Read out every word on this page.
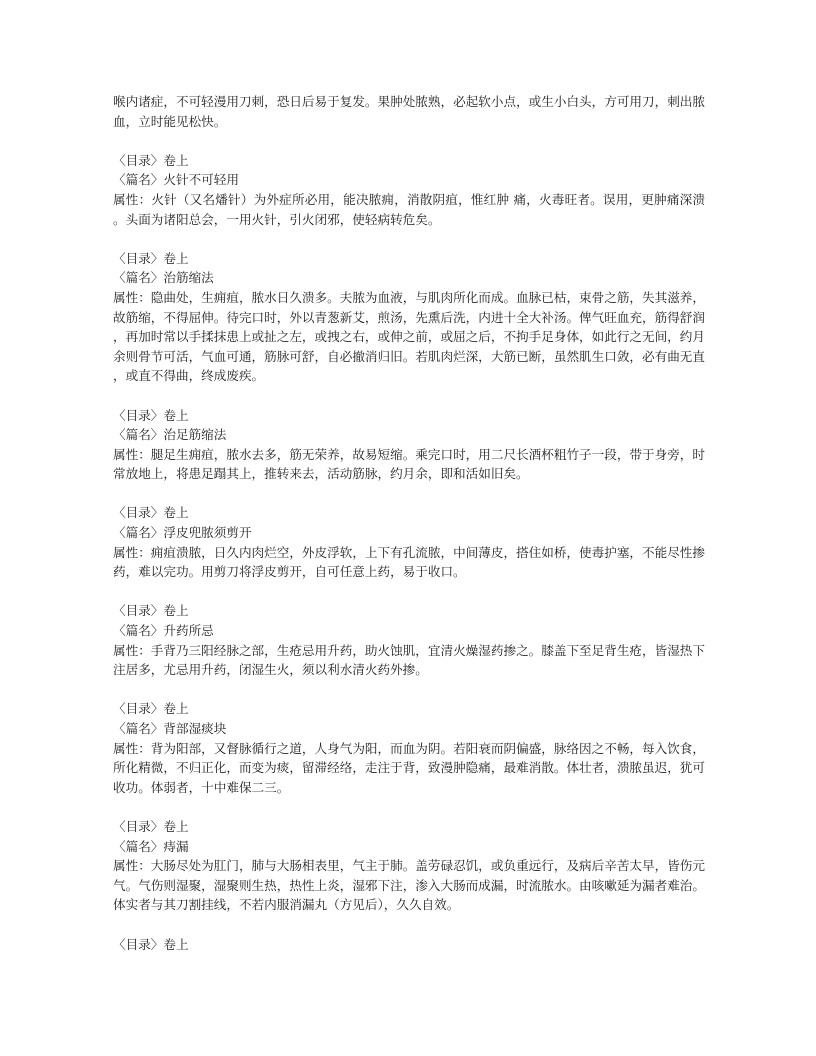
喉内诸症，不可轻漫用刀刺，恐日后易于复发。果肿处脓熟，必起软小点，或生小白头，方可用刀，刺出脓血，立时能见松快。

〈目录〉卷上

〈篇名〉火针不可轻用

属性：火针（又名燔针）为外症所必用，能决脓痈，消散阴疽，惟红肿 痛，火毒旺者。误用，更肿痛深溃。头面为诸阳总会，一用火针，引火闭邪，使轻病转危矣。

〈目录〉卷上

〈篇名〉治筋缩法

属性：隐曲处，生痈疽，脓水日久溃多。夫脓为血液，与肌肉所化而成。血脉已枯，束骨之筋，失其滋养，故筋缩，不得屈伸。待完口时，外以青葱新艾，煎汤，先熏后洗，内进十全大补汤。俾气旺血充，筋得舒润，再加时常以手揉抹患上或扯之左，或拽之右，或伸之前，或屈之后，不拘手足身体，如此行之无间，约月余则骨节可活，气血可通，筋脉可舒，自必撤消归旧。若肌肉烂深，大筋已断，虽然肌生口敛，必有曲无直，或直不得曲，终成废疾。

〈目录〉卷上

〈篇名〉治足筋缩法

属性：腿足生痈疽，脓水去多，筋无荣养，故易短缩。乘完口时，用二尺长酒杯粗竹子一段，带于身旁，时常放地上，将患足蹋其上，推转来去，活动筋脉，约月余，即和活如旧矣。

〈目录〉卷上

〈篇名〉浮皮兜脓须剪开

属性：痈疽溃脓，日久内肉烂空，外皮浮软，上下有孔流脓，中间薄皮，搭住如桥，使毒护塞，不能尽性掺药，难以完功。用剪刀将浮皮剪开，自可任意上药，易于收口。

〈目录〉卷上

〈篇名〉升药所忌

属性：手背乃三阳经脉之部，生疮忌用升药，助火蚀肌，宜清火燥湿药掺之。膝盖下至足背生疮，皆湿热下注居多，尤忌用升药，闭湿生火，须以利水清火药外掺。

〈目录〉卷上

〈篇名〉背部湿痰块

属性：背为阳部，又督脉循行之道，人身气为阳，而血为阴。若阳衰而阴偏盛，脉络因之不畅，每入饮食，所化精微，不归正化，而变为痰，留滞经络，走注于背，致漫肿隐痛，最难消散。体壮者，溃脓虽迟，犹可收功。体弱者，十中难保二三。

〈目录〉卷上

〈篇名〉痔漏

属性：大肠尽处为肛门，肺与大肠相表里，气主于肺。盖劳碌忍饥，或负重远行，及病后辛苦太早，皆伤元气。气伤则湿聚，湿聚则生热，热性上炎，湿邪下注，渗入大肠而成漏，时流脓水。由咳嗽延为漏者难治。体实者与其刀割挂线，不若内服消漏丸（方见后），久久自效。

〈目录〉卷上
